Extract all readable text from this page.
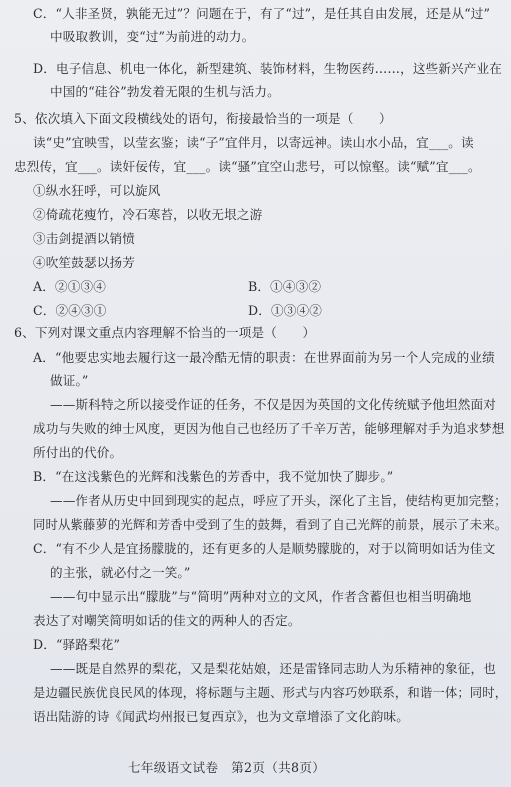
C．“人非圣贤，孰能无过”？问题在于，有了“过”，是任其自由发展，还是从“过”
中吸取教训，变“过”为前进的动力。
D．电子信息、机电一体化，新型建筑、装饰材料，生物医药……，这些新兴产业在
中国的“硅谷”勃发着无限的生机与活力。
5、依次填入下面文段横线处的语句，衔接最恰当的一项是（　　）
读“史”宜映雪，以莹玄鉴；读“子”宜伴月，以寄远神。读山水小品，宜___。读
忠烈传，宜___。读奸佞传，宜___。读“骚”宜空山悲号，可以惊壑。读“赋”宜___。
①纵水狂呼，可以旋风
②倚疏花瘦竹，冷石寒苔，以收无垠之游
③击剑提酒以销愤
④吹笙鼓瑟以扬芳
A．②①③④	B．①④③②
C．②④③①	D．①③④②
6、下列对课文重点内容理解不恰当的一项是（　　）
A．“他要忠实地去履行这一最冷酷无情的职责：在世界面前为另一个人完成的业绩
做证。”
——斯科特之所以接受作证的任务，不仅是因为英国的文化传统赋予他坦然面对
成功与失败的绅士风度，更因为他自己也经历了千辛万苦，能够理解对手为追求梦想
所付出的代价。
B．“在这浅紫色的光辉和浅紫色的芳香中，我不觉加快了脚步。”
——作者从历史中回到现实的起点，呼应了开头，深化了主旨，使结构更加完整；
同时从紫藤萝的光辉和芳香中受到了生的鼓舞，看到了自己光辉的前景，展示了未来。
C．“有不少人是宜扬朦胧的，还有更多的人是顺势朦胧的，对于以简明如话为佳文
的主张，就必付之一笑。”
——句中显示出“朦胧”与“简明”两种对立的文风，作者含蓄但也相当明确地
表达了对嘲笑简明如话的佳文的两种人的否定。
D．“驿路梨花”
——既是自然界的梨花，又是梨花姑娘，还是雷锋同志助人为乐精神的象征，也
是边疆民族优良民风的体现，将标题与主题、形式与内容巧妙联系，和谐一体；同时，
语出陆游的诗《闻武均州报已复西京》，也为文章增添了文化韵味。
七年级语文试卷　第2页（共8页）
